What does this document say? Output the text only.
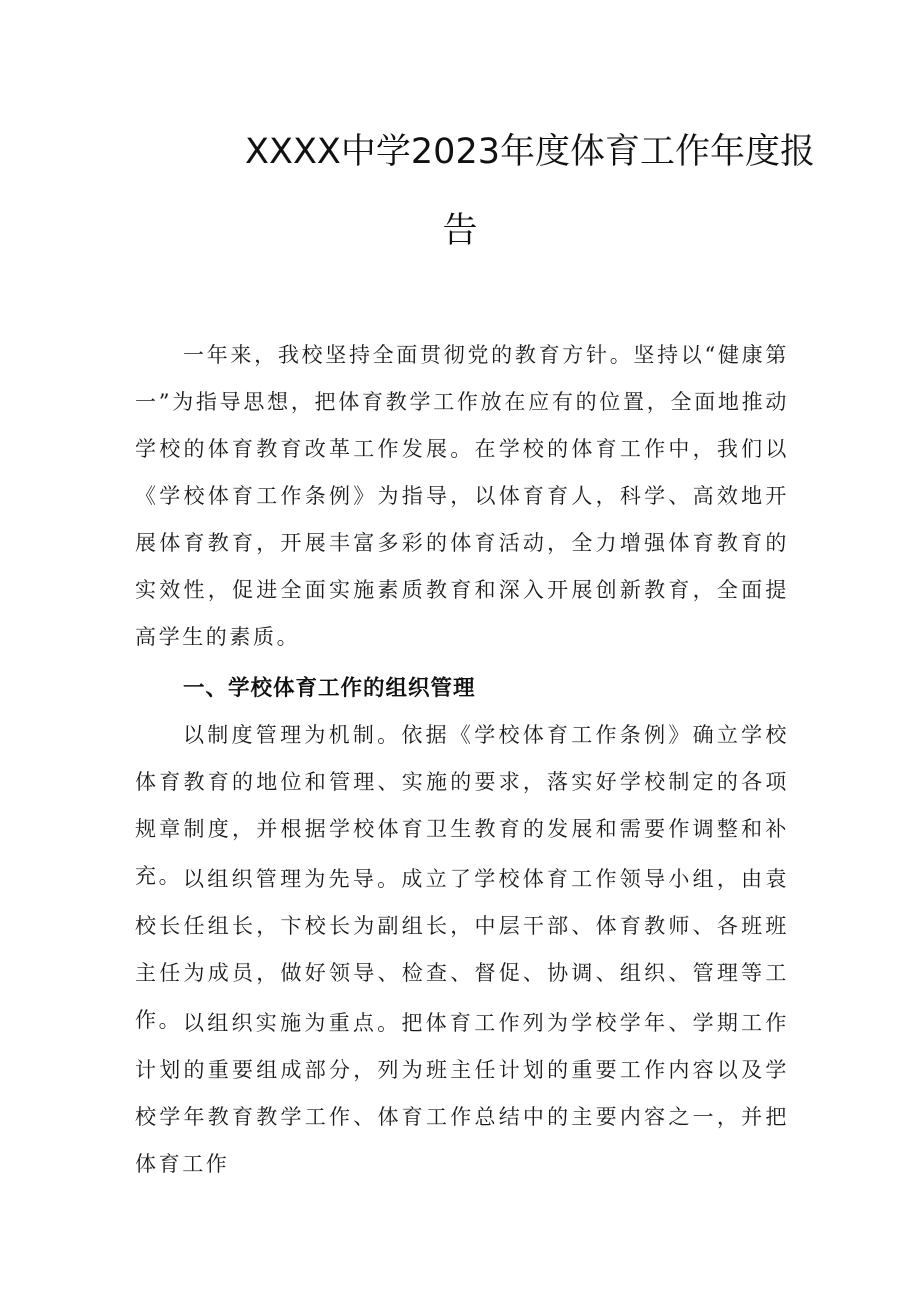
XXXX中学2023年度体育工作年度报
告

一年来，我校坚持全面贯彻党的教育方针。坚持以“健康第一”为指导思想，把体育教学工作放在应有的位置，全面地推动学校的体育教育改革工作发展。在学校的体育工作中，我们以《学校体育工作条例》为指导，以体育育人，科学、高效地开展体育教育，开展丰富多彩的体育活动，全力增强体育教育的实效性，促进全面实施素质教育和深入开展创新教育，全面提高学生的素质。

一、学校体育工作的组织管理

以制度管理为机制。依据《学校体育工作条例》确立学校体育教育的地位和管理、实施的要求，落实好学校制定的各项规章制度，并根据学校体育卫生教育的发展和需要作调整和补充。 以组织管理为先导。成立了学校体育工作领导小组，由袁校长任组长，卞校长为副组长，中层干部、体育教师、各班班主任为成员，做好领导、检查、督促、协调、组织、管理等工作。 以组织实施为重点。把体育工作列为学校学年、学期工作计划的重要组成部分，列为班主任计划的重要工作内容以及学校学年教育教学工作、体育工作总结中的主要内容之一，并把体育工作
